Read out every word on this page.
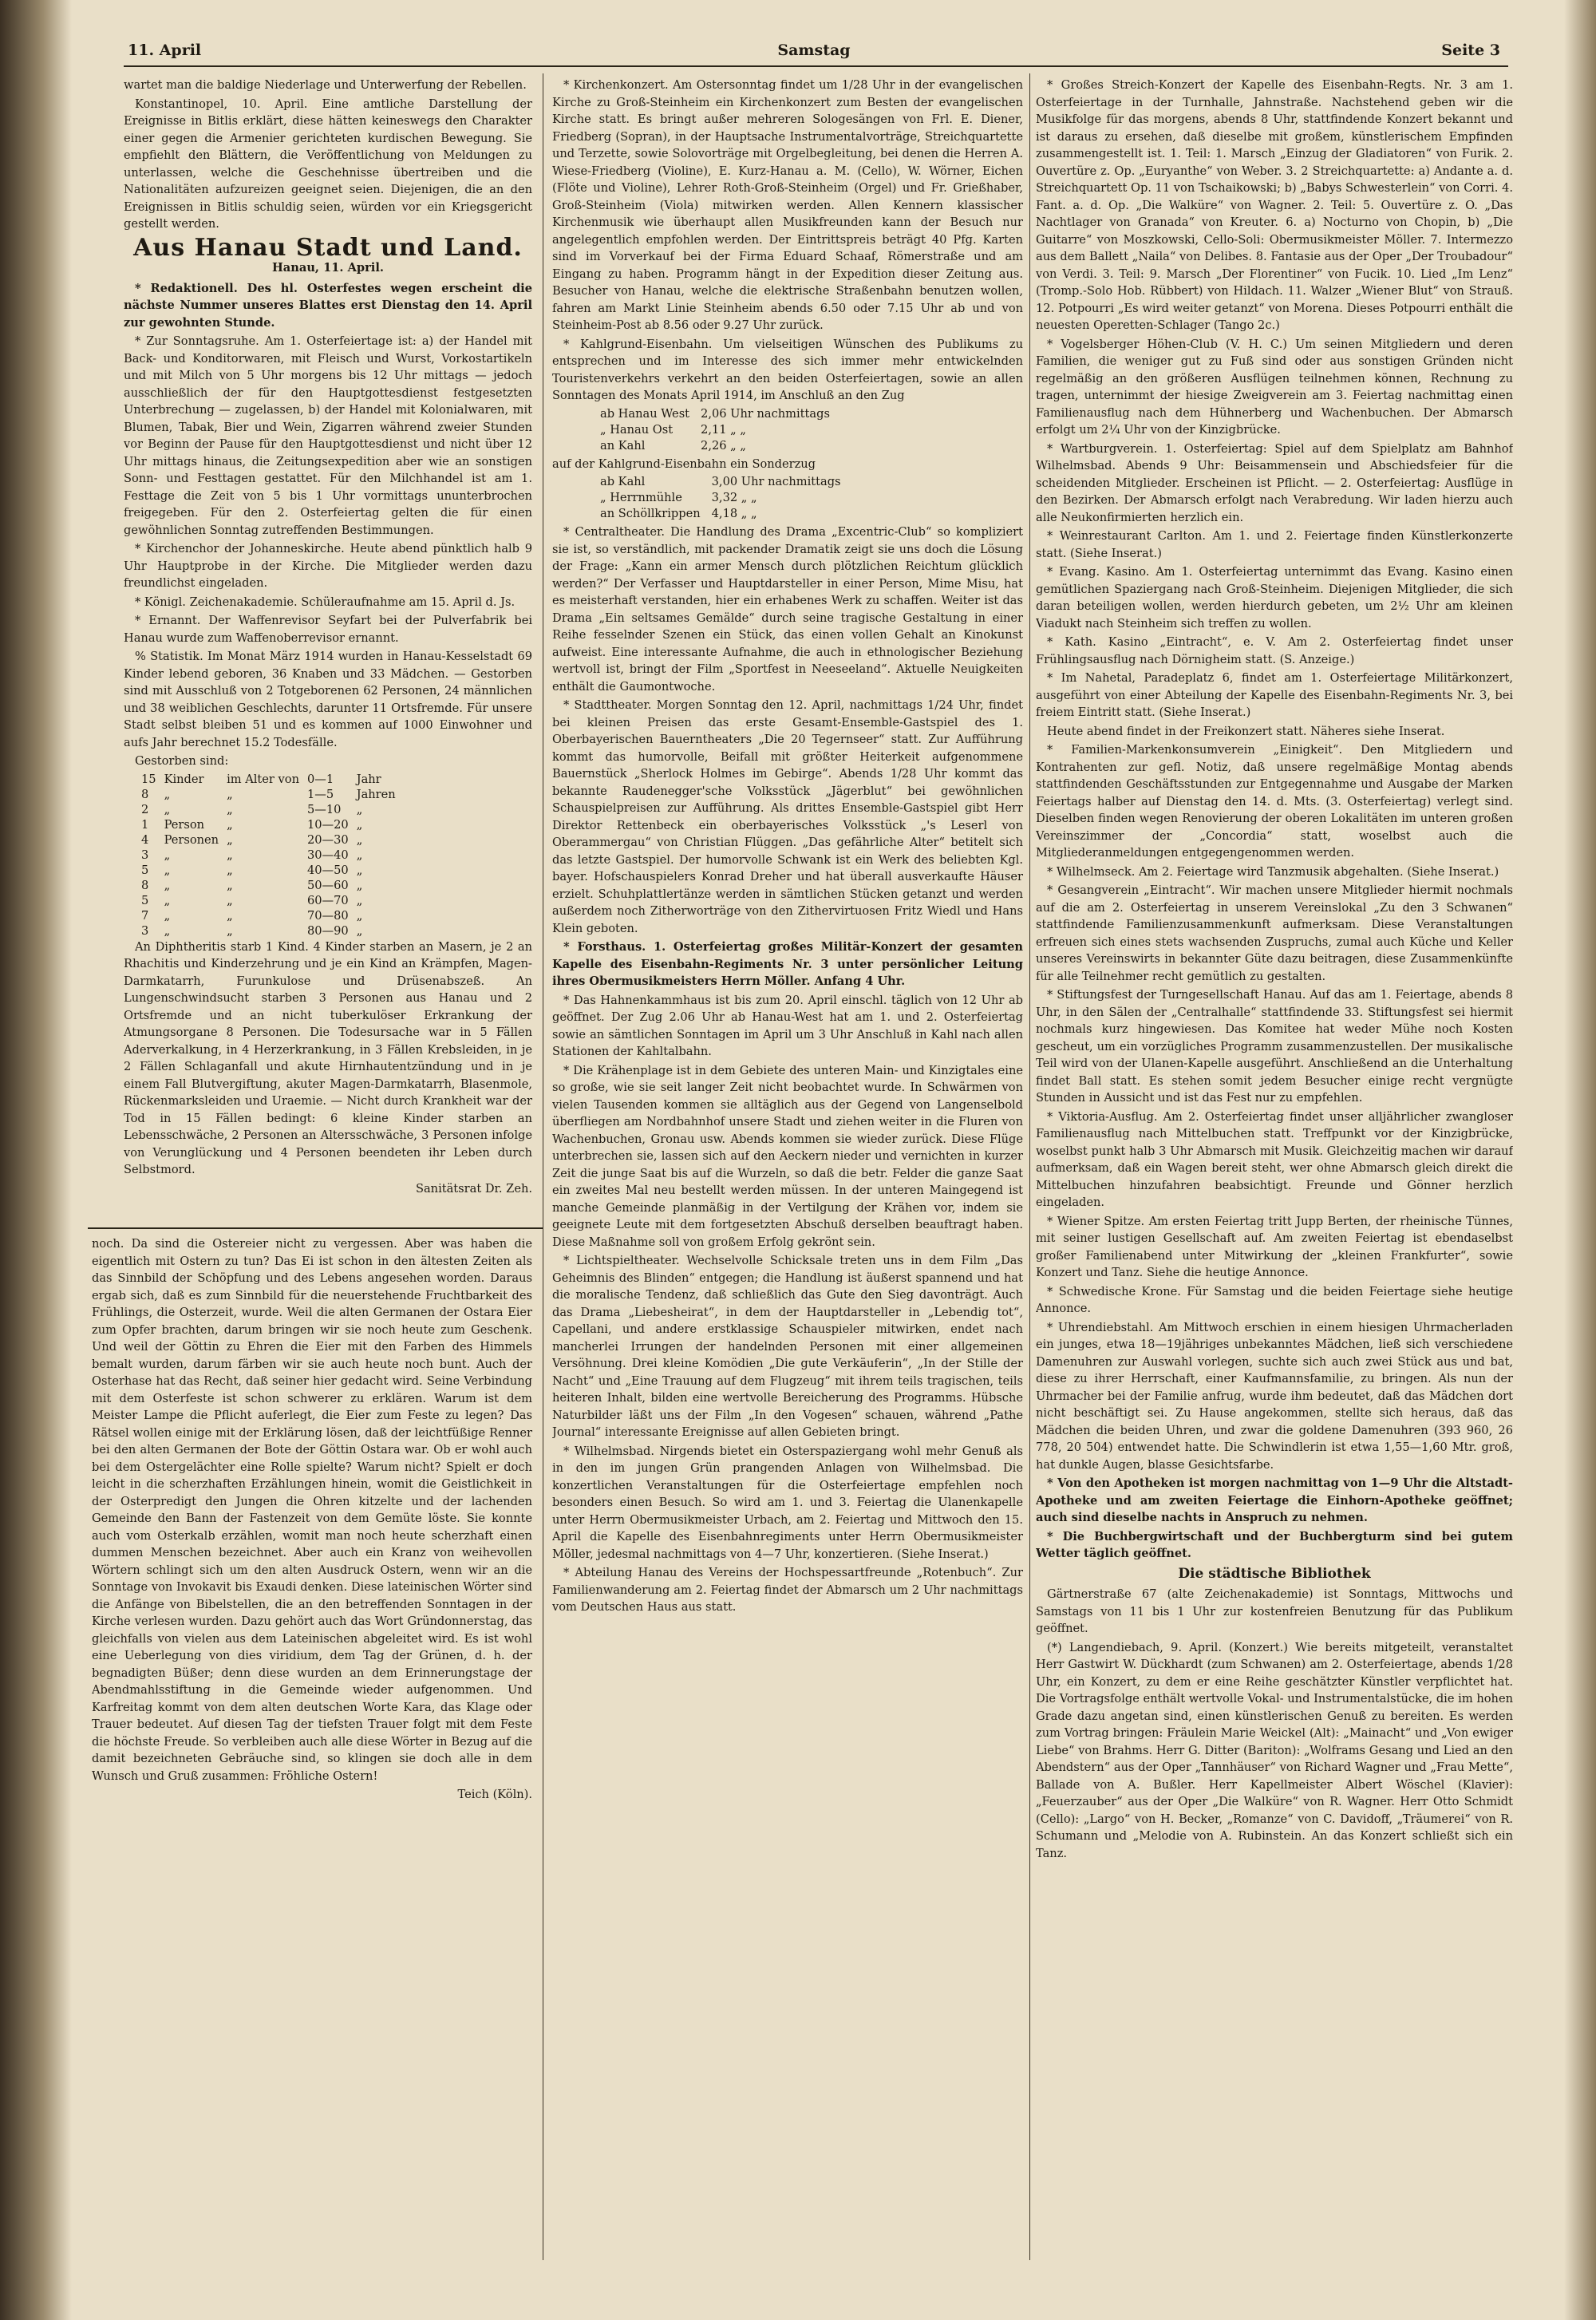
11. April	Samstag	Seite 3

wartet man die baldige Niederlage und Unterwerfung der Rebellen.

Konstantinopel, 10. April. Eine amtliche Darstellung der Ereignisse in Bitlis erklärt, diese hätten keineswegs den Charakter einer gegen die Armenier gerichteten kurdischen Bewegung. Sie empfiehlt den Blättern, die Veröffentlichung von Meldungen zu unterlassen, welche die Geschehnisse übertreiben und die Nationalitäten aufzureizen geeignet seien. Diejenigen, die an den Ereignissen in Bitlis schuldig seien, würden vor ein Kriegsgericht gestellt werden.

Aus Hanau Stadt und Land.
Hanau, 11. April.

* Redaktionell. Des hl. Osterfestes wegen erscheint die nächste Nummer unseres Blattes erst Dienstag den 14. April zur gewohnten Stunde.

* Zur Sonntagsruhe. Am 1. Osterfeiertage ist: a) der Handel mit Back- und Konditorwaren, mit Fleisch und Wurst, Vorkostartikeln und mit Milch von 5 Uhr morgens bis 12 Uhr mittags — jedoch ausschließlich der für den Hauptgottesdienst festgesetzten Unterbrechung — zugelassen, b) der Handel mit Kolonialwaren, mit Blumen, Tabak, Bier und Wein, Zigarren während zweier Stunden vor Beginn der Pause für den Hauptgottesdienst und nicht über 12 Uhr mittags hinaus, die Zeitungsexpedition aber wie an sonstigen Sonn- und Festtagen gestattet. Für den Milchhandel ist am 1. Festtage die Zeit von 5 bis 1 Uhr vormittags ununterbrochen freigegeben. Für den 2. Osterfeiertag gelten die für einen gewöhnlichen Sonntag zutreffenden Bestimmungen.

* Kirchenchor der Johanneskirche. Heute abend pünktlich halb 9 Uhr Hauptprobe in der Kirche. Die Mitglieder werden dazu freundlichst eingeladen.

* Königl. Zeichenakademie. Schüleraufnahme am 15. April d. Js.

* Ernannt. Der Waffenrevisor Seyfart bei der Pulverfabrik bei Hanau wurde zum Waffenoberrevisor ernannt.

% Statistik. Im Monat März 1914 wurden in Hanau-Kesselstadt 69 Kinder lebend geboren, 36 Knaben und 33 Mädchen. — Gestorben sind mit Ausschluß von 2 Totgeborenen 62 Personen, 24 männlichen und 38 weiblichen Geschlechts, darunter 11 Ortsfremde. Für unsere Stadt selbst bleiben 51 und es kommen auf 1000 Einwohner und aufs Jahr berechnet 15.2 Todesfälle.

Gestorben sind:

15	Kinder	im Alter von	0—1	Jahr
8	„	„	1—5	Jahren
2	„	„	5—10	„
1	Person	„	10—20	„
4	Personen	„	20—30	„
3	„	„	30—40	„
5	„	„	40—50	„
8	„	„	50—60	„
5	„	„	60—70	„
7	„	„	70—80	„
3	„	„	80—90	„

An Diphtheritis starb 1 Kind. 4 Kinder starben an Masern, je 2 an Rhachitis und Kinderzehrung und je ein Kind an Krämpfen, Magen-Darmkatarrh, Furunkulose und Drüsenabszeß. An Lungenschwindsucht starben 3 Personen aus Hanau und 2 Ortsfremde und an nicht tuberkulöser Erkrankung der Atmungsorgane 8 Personen. Die Todesursache war in 5 Fällen Aderverkalkung, in 4 Herzerkrankung, in 3 Fällen Krebsleiden, in je 2 Fällen Schlaganfall und akute Hirnhautentzündung und in je einem Fall Blutvergiftung, akuter Magen-Darmkatarrh, Blasenmole, Rückenmarksleiden und Uraemie. — Nicht durch Krankheit war der Tod in 15 Fällen bedingt: 6 kleine Kinder starben an Lebensschwäche, 2 Personen an Altersschwäche, 3 Personen infolge von Verunglückung und 4 Personen beendeten ihr Leben durch Selbstmord.

Sanitätsrat Dr. Zeh.

noch. Da sind die Ostereier nicht zu vergessen. Aber was haben die eigentlich mit Ostern zu tun? Das Ei ist schon in den ältesten Zeiten als das Sinnbild der Schöpfung und des Lebens angesehen worden. Daraus ergab sich, daß es zum Sinnbild für die neuerstehende Fruchtbarkeit des Frühlings, die Osterzeit, wurde. Weil die alten Germanen der Ostara Eier zum Opfer brachten, darum bringen wir sie noch heute zum Geschenk. Und weil der Göttin zu Ehren die Eier mit den Farben des Himmels bemalt wurden, darum färben wir sie auch heute noch bunt. Auch der Osterhase hat das Recht, daß seiner hier gedacht wird. Seine Verbindung mit dem Osterfeste ist schon schwerer zu erklären. Warum ist dem Meister Lampe die Pflicht auferlegt, die Eier zum Feste zu legen? Das Rätsel wollen einige mit der Erklärung lösen, daß der leichtfüßige Renner bei den alten Germanen der Bote der Göttin Ostara war. Ob er wohl auch bei dem Ostergelächter eine Rolle spielte? Warum nicht? Spielt er doch leicht in die scherzhaften Erzählungen hinein, womit die Geistlichkeit in der Osterpredigt den Jungen die Ohren kitzelte und der lachenden Gemeinde den Bann der Fastenzeit von dem Gemüte löste. Sie konnte auch vom Osterkalb erzählen, womit man noch heute scherzhaft einen dummen Menschen bezeichnet. Aber auch ein Kranz von weihevollen Wörtern schlingt sich um den alten Ausdruck Ostern, wenn wir an die Sonntage von Invokavit bis Exaudi denken. Diese lateinischen Wörter sind die Anfänge von Bibelstellen, die an den betreffenden Sonntagen in der Kirche verlesen wurden. Dazu gehört auch das Wort Gründonnerstag, das gleichfalls von vielen aus dem Lateinischen abgeleitet wird. Es ist wohl eine Ueberlegung von dies viridium, dem Tag der Grünen, d. h. der begnadigten Büßer; denn diese wurden an dem Erinnerungstage der Abendmahlsstiftung in die Gemeinde wieder aufgenommen. Und Karfreitag kommt von dem alten deutschen Worte Kara, das Klage oder Trauer bedeutet. Auf diesen Tag der tiefsten Trauer folgt mit dem Feste die höchste Freude. So verbleiben auch alle diese Wörter in Bezug auf die damit bezeichneten Gebräuche sind, so klingen sie doch alle in dem Wunsch und Gruß zusammen: Fröhliche Ostern!

Teich (Köln).

* Kirchenkonzert. Am Ostersonntag findet um 1/28 Uhr in der evangelischen Kirche zu Groß-Steinheim ein Kirchenkonzert zum Besten der evangelischen Kirche statt. Es bringt außer mehreren Sologesängen von Frl. E. Diener, Friedberg (Sopran), in der Hauptsache Instrumentalvorträge, Streichquartette und Terzette, sowie Solovorträge mit Orgelbegleitung, bei denen die Herren A. Wiese-Friedberg (Violine), E. Kurz-Hanau a. M. (Cello), W. Wörner, Eichen (Flöte und Violine), Lehrer Roth-Groß-Steinheim (Orgel) und Fr. Grießhaber, Groß-Steinheim (Viola) mitwirken werden. Allen Kennern klassischer Kirchenmusik wie überhaupt allen Musikfreunden kann der Besuch nur angelegentlich empfohlen werden. Der Eintrittspreis beträgt 40 Pfg. Karten sind im Vorverkauf bei der Firma Eduard Schaaf, Römerstraße und am Eingang zu haben. Programm hängt in der Expedition dieser Zeitung aus. Besucher von Hanau, welche die elektrische Straßenbahn benutzen wollen, fahren am Markt Linie Steinheim abends 6.50 oder 7.15 Uhr ab und von Steinheim-Post ab 8.56 oder 9.27 Uhr zurück.

* Kahlgrund-Eisenbahn. Um vielseitigen Wünschen des Publikums zu entsprechen und im Interesse des sich immer mehr entwickelnden Touristenverkehrs verkehrt an den beiden Osterfeiertagen, sowie an allen Sonntagen des Monats April 1914, im Anschluß an den Zug

ab Hanau West	2,06 Uhr nachmittags
„ Hanau Ost	2,11 „ „
an Kahl	2,26 „ „

auf der Kahlgrund-Eisenbahn ein Sonderzug

ab Kahl	3,00 Uhr nachmittags
„ Herrnmühle	3,32 „ „
an Schöllkrippen	4,18 „ „

* Centraltheater. Die Handlung des Drama „Excentric-Club“ so kompliziert sie ist, so verständlich, mit packender Dramatik zeigt sie uns doch die Lösung der Frage: „Kann ein armer Mensch durch plötzlichen Reichtum glücklich werden?“ Der Verfasser und Hauptdarsteller in einer Person, Mime Misu, hat es meisterhaft verstanden, hier ein erhabenes Werk zu schaffen. Weiter ist das Drama „Ein seltsames Gemälde“ durch seine tragische Gestaltung in einer Reihe fesselnder Szenen ein Stück, das einen vollen Gehalt an Kinokunst aufweist. Eine interessante Aufnahme, die auch in ethnologischer Beziehung wertvoll ist, bringt der Film „Sportfest in Neeseeland“. Aktuelle Neuigkeiten enthält die Gaumontwoche.

* Stadttheater. Morgen Sonntag den 12. April, nachmittags 1/24 Uhr, findet bei kleinen Preisen das erste Gesamt-Ensemble-Gastspiel des 1. Oberbayerischen Bauerntheaters „Die 20 Tegernseer“ statt. Zur Aufführung kommt das humorvolle, Beifall mit größter Heiterkeit aufgenommene Bauernstück „Sherlock Holmes im Gebirge“. Abends 1/28 Uhr kommt das bekannte Raudenegger'sche Volksstück „Jägerblut“ bei gewöhnlichen Schauspielpreisen zur Aufführung. Als drittes Ensemble-Gastspiel gibt Herr Direktor Rettenbeck ein oberbayerisches Volksstück „'s Leserl von Oberammergau“ von Christian Flüggen. „Das gefährliche Alter“ betitelt sich das letzte Gastspiel. Der humorvolle Schwank ist ein Werk des beliebten Kgl. bayer. Hofschauspielers Konrad Dreher und hat überall ausverkaufte Häuser erzielt. Schuhplattlertänze werden in sämtlichen Stücken getanzt und werden außerdem noch Zitherworträge von den Zithervirtuosen Fritz Wiedl und Hans Klein geboten.

* Forsthaus. 1. Osterfeiertag großes Militär-Konzert der gesamten Kapelle des Eisenbahn-Regiments Nr. 3 unter persönlicher Leitung ihres Obermusikmeisters Herrn Möller. Anfang 4 Uhr.

* Das Hahnenkammhaus ist bis zum 20. April einschl. täglich von 12 Uhr ab geöffnet. Der Zug 2.06 Uhr ab Hanau-West hat am 1. und 2. Osterfeiertag sowie an sämtlichen Sonntagen im April um 3 Uhr Anschluß in Kahl nach allen Stationen der Kahltalbahn.

* Die Krähenplage ist in dem Gebiete des unteren Main- und Kinzigtales eine so große, wie sie seit langer Zeit nicht beobachtet wurde. In Schwärmen von vielen Tausenden kommen sie alltäglich aus der Gegend von Langenselbold überfliegen am Nordbahnhof unsere Stadt und ziehen weiter in die Fluren von Wachenbuchen, Gronau usw. Abends kommen sie wieder zurück. Diese Flüge unterbrechen sie, lassen sich auf den Aeckern nieder und vernichten in kurzer Zeit die junge Saat bis auf die Wurzeln, so daß die betr. Felder die ganze Saat ein zweites Mal neu bestellt werden müssen. In der unteren Maingegend ist manche Gemeinde planmäßig in der Vertilgung der Krähen vor, indem sie geeignete Leute mit dem fortgesetzten Abschuß derselben beauftragt haben. Diese Maßnahme soll von großem Erfolg gekrönt sein.

* Lichtspieltheater. Wechselvolle Schicksale treten uns in dem Film „Das Geheimnis des Blinden“ entgegen; die Handlung ist äußerst spannend und hat die moralische Tendenz, daß schließlich das Gute den Sieg davonträgt. Auch das Drama „Liebesheirat“, in dem der Hauptdarsteller in „Lebendig tot“, Capellani, und andere erstklassige Schauspieler mitwirken, endet nach mancherlei Irrungen der handelnden Personen mit einer allgemeinen Versöhnung. Drei kleine Komödien „Die gute Verkäuferin“, „In der Stille der Nacht“ und „Eine Trauung auf dem Flugzeug“ mit ihrem teils tragischen, teils heiteren Inhalt, bilden eine wertvolle Bereicherung des Programms. Hübsche Naturbilder läßt uns der Film „In den Vogesen“ schauen, während „Pathe Journal“ interessante Ereignisse auf allen Gebieten bringt.

* Wilhelmsbad. Nirgends bietet ein Osterspaziergang wohl mehr Genuß als in den im jungen Grün prangenden Anlagen von Wilhelmsbad. Die konzertlichen Veranstaltungen für die Osterfeiertage empfehlen noch besonders einen Besuch. So wird am 1. und 3. Feiertag die Ulanenkapelle unter Herrn Obermusikmeister Urbach, am 2. Feiertag und Mittwoch den 15. April die Kapelle des Eisenbahnregiments unter Herrn Obermusikmeister Möller, jedesmal nachmittags von 4—7 Uhr, konzertieren. (Siehe Inserat.)

* Abteilung Hanau des Vereins der Hochspessartfreunde „Rotenbuch“. Zur Familienwanderung am 2. Feiertag findet der Abmarsch um 2 Uhr nachmittags vom Deutschen Haus aus statt.

* Großes Streich-Konzert der Kapelle des Eisenbahn-Regts. Nr. 3 am 1. Osterfeiertage in der Turnhalle, Jahnstraße. Nachstehend geben wir die Musikfolge für das morgens, abends 8 Uhr, stattfindende Konzert bekannt und ist daraus zu ersehen, daß dieselbe mit großem, künstlerischem Empfinden zusammengestellt ist. 1. Teil: 1. Marsch „Einzug der Gladiatoren“ von Furik. 2. Ouvertüre z. Op. „Euryanthe“ von Weber. 3. 2 Streichquartette: a) Andante a. d. Streichquartett Op. 11 von Tschaikowski; b) „Babys Schwesterlein“ von Corri. 4. Fant. a. d. Op. „Die Walküre“ von Wagner. 2. Teil: 5. Ouvertüre z. O. „Das Nachtlager von Granada“ von Kreuter. 6. a) Nocturno von Chopin, b) „Die Guitarre“ von Moszkowski, Cello-Soli: Obermusikmeister Möller. 7. Intermezzo aus dem Ballett „Naila“ von Delibes. 8. Fantasie aus der Oper „Der Troubadour“ von Verdi. 3. Teil: 9. Marsch „Der Florentiner“ von Fucik. 10. Lied „Im Lenz“ (Tromp.-Solo Hob. Rübbert) von Hildach. 11. Walzer „Wiener Blut“ von Strauß. 12. Potpourri „Es wird weiter getanzt“ von Morena. Dieses Potpourri enthält die neuesten Operetten-Schlager (Tango 2c.)

* Vogelsberger Höhen-Club (V. H. C.) Um seinen Mitgliedern und deren Familien, die weniger gut zu Fuß sind oder aus sonstigen Gründen nicht regelmäßig an den größeren Ausflügen teilnehmen können, Rechnung zu tragen, unternimmt der hiesige Zweigverein am 3. Feiertag nachmittag einen Familienausflug nach dem Hühnerberg und Wachenbuchen. Der Abmarsch erfolgt um 2¼ Uhr von der Kinzigbrücke.

* Wartburgverein. 1. Osterfeiertag: Spiel auf dem Spielplatz am Bahnhof Wilhelmsbad. Abends 9 Uhr: Beisammensein und Abschiedsfeier für die scheidenden Mitglieder. Erscheinen ist Pflicht. — 2. Osterfeiertag: Ausflüge in den Bezirken. Der Abmarsch erfolgt nach Verabredung. Wir laden hierzu auch alle Neukonfirmierten herzlich ein.

* Weinrestaurant Carlton. Am 1. und 2. Feiertage finden Künstlerkonzerte statt. (Siehe Inserat.)

* Evang. Kasino. Am 1. Osterfeiertag unternimmt das Evang. Kasino einen gemütlichen Spaziergang nach Groß-Steinheim. Diejenigen Mitglieder, die sich daran beteiligen wollen, werden hierdurch gebeten, um 2½ Uhr am kleinen Viadukt nach Steinheim sich treffen zu wollen.

* Kath. Kasino „Eintracht“, e. V. Am 2. Osterfeiertag findet unser Frühlingsausflug nach Dörnigheim statt. (S. Anzeige.)

* Im Nahetal, Paradeplatz 6, findet am 1. Osterfeiertage Militärkonzert, ausgeführt von einer Abteilung der Kapelle des Eisenbahn-Regiments Nr. 3, bei freiem Eintritt statt. (Siehe Inserat.)

Heute abend findet in der Freikonzert statt. Näheres siehe Inserat.

* Familien-Markenkonsumverein „Einigkeit“. Den Mitgliedern und Kontrahenten zur gefl. Notiz, daß unsere regelmäßige Montag abends stattfindenden Geschäftsstunden zur Entgegennahme und Ausgabe der Marken Feiertags halber auf Dienstag den 14. d. Mts. (3. Osterfeiertag) verlegt sind. Dieselben finden wegen Renovierung der oberen Lokalitäten im unteren großen Vereinszimmer der „Concordia“ statt, woselbst auch die Mitgliederanmeldungen entgegengenommen werden.

* Wilhelmseck. Am 2. Feiertage wird Tanzmusik abgehalten. (Siehe Inserat.)

* Gesangverein „Eintracht“. Wir machen unsere Mitglieder hiermit nochmals auf die am 2. Osterfeiertag in unserem Vereinslokal „Zu den 3 Schwanen“ stattfindende Familienzusammenkunft aufmerksam. Diese Veranstaltungen erfreuen sich eines stets wachsenden Zuspruchs, zumal auch Küche und Keller unseres Vereinswirts in bekannter Güte dazu beitragen, diese Zusammenkünfte für alle Teilnehmer recht gemütlich zu gestalten.

* Stiftungsfest der Turngesellschaft Hanau. Auf das am 1. Feiertage, abends 8 Uhr, in den Sälen der „Centralhalle“ stattfindende 33. Stiftungsfest sei hiermit nochmals kurz hingewiesen. Das Komitee hat weder Mühe noch Kosten gescheut, um ein vorzügliches Programm zusammenzustellen. Der musikalische Teil wird von der Ulanen-Kapelle ausgeführt. Anschließend an die Unterhaltung findet Ball statt. Es stehen somit jedem Besucher einige recht vergnügte Stunden in Aussicht und ist das Fest nur zu empfehlen.

* Viktoria-Ausflug. Am 2. Osterfeiertag findet unser alljährlicher zwangloser Familienausflug nach Mittelbuchen statt. Treffpunkt vor der Kinzigbrücke, woselbst punkt halb 3 Uhr Abmarsch mit Musik. Gleichzeitig machen wir darauf aufmerksam, daß ein Wagen bereit steht, wer ohne Abmarsch gleich direkt die Mittelbuchen hinzufahren beabsichtigt. Freunde und Gönner herzlich eingeladen.

* Wiener Spitze. Am ersten Feiertag tritt Jupp Berten, der rheinische Tünnes, mit seiner lustigen Gesellschaft auf. Am zweiten Feiertag ist ebendaselbst großer Familienabend unter Mitwirkung der „kleinen Frankfurter“, sowie Konzert und Tanz. Siehe die heutige Annonce.

* Schwedische Krone. Für Samstag und die beiden Feiertage siehe heutige Annonce.

* Uhrendiebstahl. Am Mittwoch erschien in einem hiesigen Uhrmacherladen ein junges, etwa 18—19jähriges unbekanntes Mädchen, ließ sich verschiedene Damenuhren zur Auswahl vorlegen, suchte sich auch zwei Stück aus und bat, diese zu ihrer Herrschaft, einer Kaufmannsfamilie, zu bringen. Als nun der Uhrmacher bei der Familie anfrug, wurde ihm bedeutet, daß das Mädchen dort nicht beschäftigt sei. Zu Hause angekommen, stellte sich heraus, daß das Mädchen die beiden Uhren, und zwar die goldene Damenuhren (393 960, 26 778, 20 504) entwendet hatte. Die Schwindlerin ist etwa 1,55—1,60 Mtr. groß, hat dunkle Augen, blasse Gesichtsfarbe.

* Von den Apotheken ist morgen nachmittag von 1—9 Uhr die Altstadt-Apotheke und am zweiten Feiertage die Einhorn-Apotheke geöffnet; auch sind dieselbe nachts in Anspruch zu nehmen.

* Die Buchbergwirtschaft und der Buchbergturm sind bei gutem Wetter täglich geöffnet.

Die städtische Bibliothek

Gärtnerstraße 67 (alte Zeichenakademie) ist Sonntags, Mittwochs und Samstags von 11 bis 1 Uhr zur kostenfreien Benutzung für das Publikum geöffnet.

(*) Langendiebach, 9. April. (Konzert.) Wie bereits mitgeteilt, veranstaltet Herr Gastwirt W. Dückhardt (zum Schwanen) am 2. Osterfeiertage, abends 1/28 Uhr, ein Konzert, zu dem er eine Reihe geschätzter Künstler verpflichtet hat. Die Vortragsfolge enthält wertvolle Vokal- und Instrumentalstücke, die im hohen Grade dazu angetan sind, einen künstlerischen Genuß zu bereiten. Es werden zum Vortrag bringen: Fräulein Marie Weickel (Alt): „Mainacht“ und „Von ewiger Liebe“ von Brahms. Herr G. Ditter (Bariton): „Wolframs Gesang und Lied an den Abendstern“ aus der Oper „Tannhäuser“ von Richard Wagner und „Frau Mette“, Ballade von A. Bußler. Herr Kapellmeister Albert Wöschel (Klavier): „Feuerzauber“ aus der Oper „Die Walküre“ von R. Wagner. Herr Otto Schmidt (Cello): „Largo“ von H. Becker, „Romanze“ von C. Davidoff, „Träumerei“ von R. Schumann und „Melodie von A. Rubinstein. An das Konzert schließt sich ein Tanz.
